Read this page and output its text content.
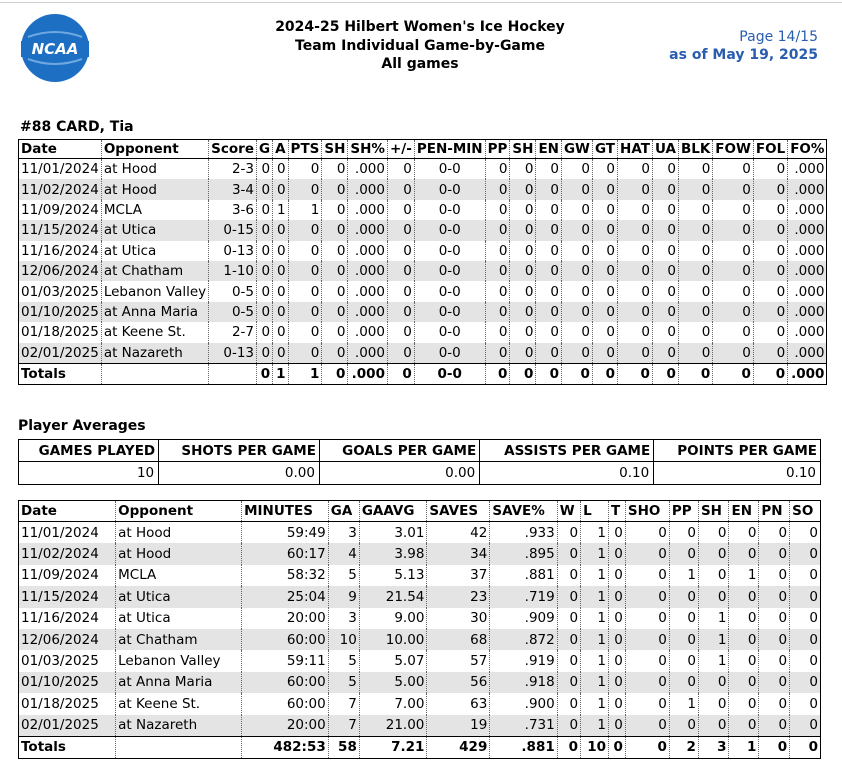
NCAA
2024-25 Hilbert Women's Ice Hockey
Team Individual Game-by-Game
All games
Page 14/15
as of May 19, 2025
#88 CARD, Tia
Date	Opponent	Score	G	A	PTS	SH	SH%	+/-	PEN-MIN	PP	SH	EN	GW	GT	HAT	UA	BLK	FOW	FOL	FO%
11/01/2024	at Hood	2-3	0	0	0	0	.000	0	0-0	0	0	0	0	0	0	0	0	0	0	.000
11/02/2024	at Hood	3-4	0	0	0	0	.000	0	0-0	0	0	0	0	0	0	0	0	0	0	.000
11/09/2024	MCLA	3-6	0	1	1	0	.000	0	0-0	0	0	0	0	0	0	0	0	0	0	.000
11/15/2024	at Utica	0-15	0	0	0	0	.000	0	0-0	0	0	0	0	0	0	0	0	0	0	.000
11/16/2024	at Utica	0-13	0	0	0	0	.000	0	0-0	0	0	0	0	0	0	0	0	0	0	.000
12/06/2024	at Chatham	1-10	0	0	0	0	.000	0	0-0	0	0	0	0	0	0	0	0	0	0	.000
01/03/2025	Lebanon Valley	0-5	0	0	0	0	.000	0	0-0	0	0	0	0	0	0	0	0	0	0	.000
01/10/2025	at Anna Maria	0-5	0	0	0	0	.000	0	0-0	0	0	0	0	0	0	0	0	0	0	.000
01/18/2025	at Keene St.	2-7	0	0	0	0	.000	0	0-0	0	0	0	0	0	0	0	0	0	0	.000
02/01/2025	at Nazareth	0-13	0	0	0	0	.000	0	0-0	0	0	0	0	0	0	0	0	0	0	.000
Totals			0	1	1	0	.000	0	0-0	0	0	0	0	0	0	0	0	0	0	.000
Player Averages
GAMES PLAYED	SHOTS PER GAME	GOALS PER GAME	ASSISTS PER GAME	POINTS PER GAME
10	0.00	0.00	0.10	0.10
Date	Opponent	MINUTES	GA	GAAVG	SAVES	SAVE%	W	L	T	SHO	PP	SH	EN	PN	SO
11/01/2024	at Hood	59:49	3	3.01	42	.933	0	1	0	0	0	0	0	0	0
11/02/2024	at Hood	60:17	4	3.98	34	.895	0	1	0	0	0	0	0	0	0
11/09/2024	MCLA	58:32	5	5.13	37	.881	0	1	0	0	1	0	1	0	0
11/15/2024	at Utica	25:04	9	21.54	23	.719	0	1	0	0	0	0	0	0	0
11/16/2024	at Utica	20:00	3	9.00	30	.909	0	1	0	0	0	1	0	0	0
12/06/2024	at Chatham	60:00	10	10.00	68	.872	0	1	0	0	0	1	0	0	0
01/03/2025	Lebanon Valley	59:11	5	5.07	57	.919	0	1	0	0	0	1	0	0	0
01/10/2025	at Anna Maria	60:00	5	5.00	56	.918	0	1	0	0	0	0	0	0	0
01/18/2025	at Keene St.	60:00	7	7.00	63	.900	0	1	0	0	1	0	0	0	0
02/01/2025	at Nazareth	20:00	7	21.00	19	.731	0	1	0	0	0	0	0	0	0
Totals		482:53	58	7.21	429	.881	0	10	0	0	2	3	1	0	0
